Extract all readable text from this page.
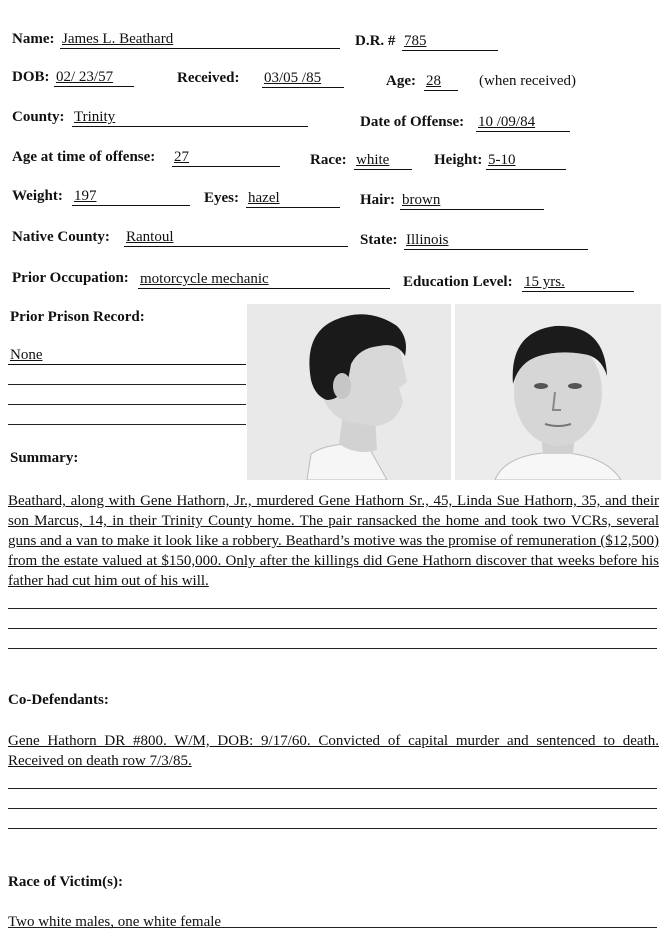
Name: James L. Beathard	D.R. # 785
DOB: 02/ 23/57	Received: 03/05 /85	Age: 28	(when received)
County: Trinity	Date of Offense: 10 /09/84
Age at time of offense: 27	Race: white	Height: 5-10
Weight: 197	Eyes: hazel	Hair: brown
Native County: Rantoul	State: Illinois
Prior Occupation: motorcycle mechanic	Education Level: 15 yrs.
Prior Prison Record:
None
Summary:
Beathard, along with Gene Hathorn, Jr., murdered Gene Hathorn Sr., 45, Linda Sue Hathorn, 35, and their son Marcus, 14, in their Trinity County home. The pair ransacked the home and took two VCRs, several guns and a van to make it look like a robbery. Beathard’s motive was the promise of remuneration ($12,500) from the estate valued at $150,000. Only after the killings did Gene Hathorn discover that weeks before his father had cut him out of his will.
Co-Defendants:
Gene Hathorn DR #800. W/M, DOB: 9/17/60. Convicted of capital murder and sentenced to death. Received on death row 7/3/85.
Race of Victim(s):
Two white males, one white female
